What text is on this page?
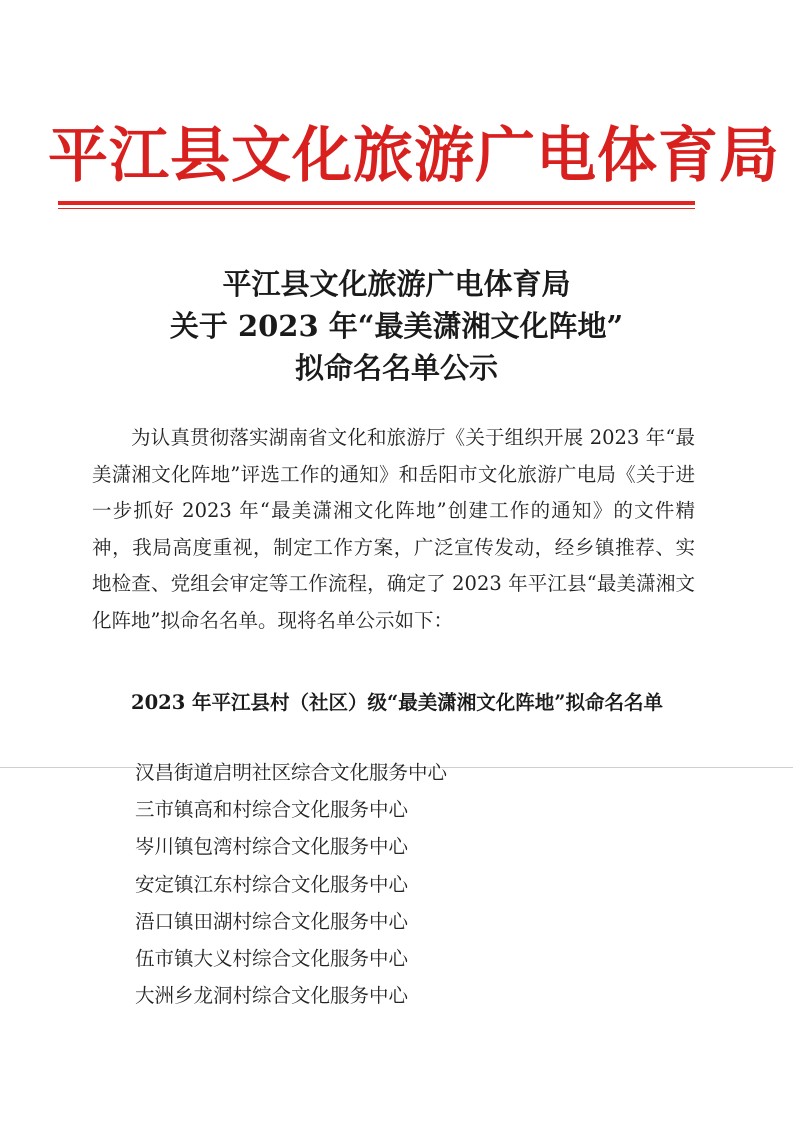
平江县文化旅游广电体育局
平江县文化旅游广电体育局
关于 2023 年“最美潇湘文化阵地”
拟命名名单公示

为认真贯彻落实湖南省文化和旅游厅《关于组织开展 2023 年“最美潇湘文化阵地”评选工作的通知》和岳阳市文化旅游广电局《关于进一步抓好 2023 年“最美潇湘文化阵地”创建工作的通知》的文件精神，我局高度重视，制定工作方案，广泛宣传发动，经乡镇推荐、实地检查、党组会审定等工作流程，确定了 2023 年平江县“最美潇湘文化阵地”拟命名名单。现将名单公示如下：

2023 年平江县村（社区）级“最美潇湘文化阵地”拟命名名单

汉昌街道启明社区综合文化服务中心
三市镇高和村综合文化服务中心
岑川镇包湾村综合文化服务中心
安定镇江东村综合文化服务中心
浯口镇田湖村综合文化服务中心
伍市镇大义村综合文化服务中心
大洲乡龙洞村综合文化服务中心
